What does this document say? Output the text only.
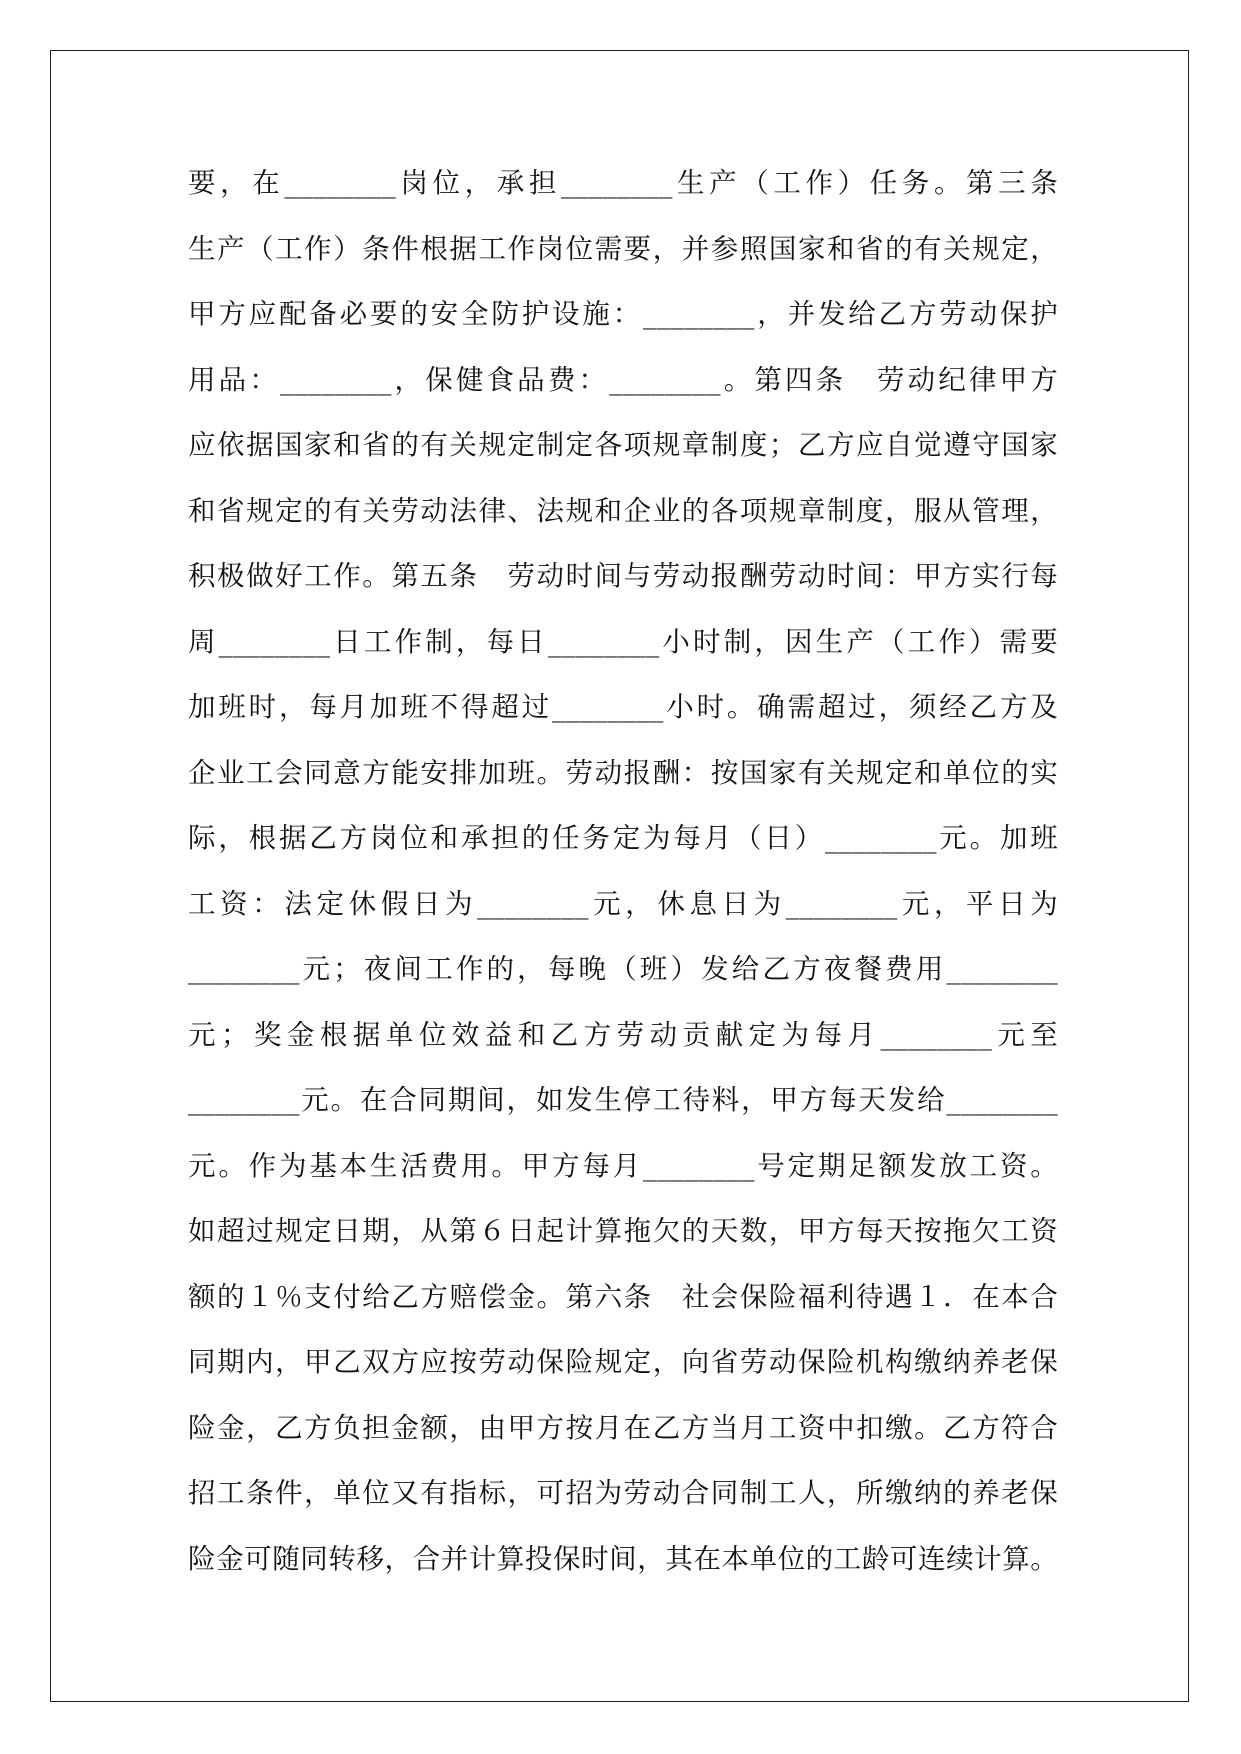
要，在________岗位，承担________生产（工作）任务。第三条
生产（工作）条件根据工作岗位需要，并参照国家和省的有关规定，
甲方应配备必要的安全防护设施：________，并发给乙方劳动保护
用品：________，保健食品费：________。第四条　劳动纪律甲方
应依据国家和省的有关规定制定各项规章制度；乙方应自觉遵守国家
和省规定的有关劳动法律、法规和企业的各项规章制度，服从管理，
积极做好工作。第五条　劳动时间与劳动报酬劳动时间：甲方实行每
周________日工作制，每日________小时制，因生产（工作）需要
加班时，每月加班不得超过________小时。确需超过，须经乙方及
企业工会同意方能安排加班。劳动报酬：按国家有关规定和单位的实
际，根据乙方岗位和承担的任务定为每月（日）________元。加班
工资：法定休假日为________元，休息日为________元，平日为
________元；夜间工作的，每晚（班）发给乙方夜餐费用________
元；奖金根据单位效益和乙方劳动贡献定为每月________元至
________元。在合同期间，如发生停工待料，甲方每天发给________
元。作为基本生活费用。甲方每月________号定期足额发放工资。
如超过规定日期，从第６日起计算拖欠的天数，甲方每天按拖欠工资
额的１％支付给乙方赔偿金。第六条　社会保险福利待遇１．在本合
同期内，甲乙双方应按劳动保险规定，向省劳动保险机构缴纳养老保
险金，乙方负担金额，由甲方按月在乙方当月工资中扣缴。乙方符合
招工条件，单位又有指标，可招为劳动合同制工人，所缴纳的养老保
险金可随同转移，合并计算投保时间，其在本单位的工龄可连续计算。
